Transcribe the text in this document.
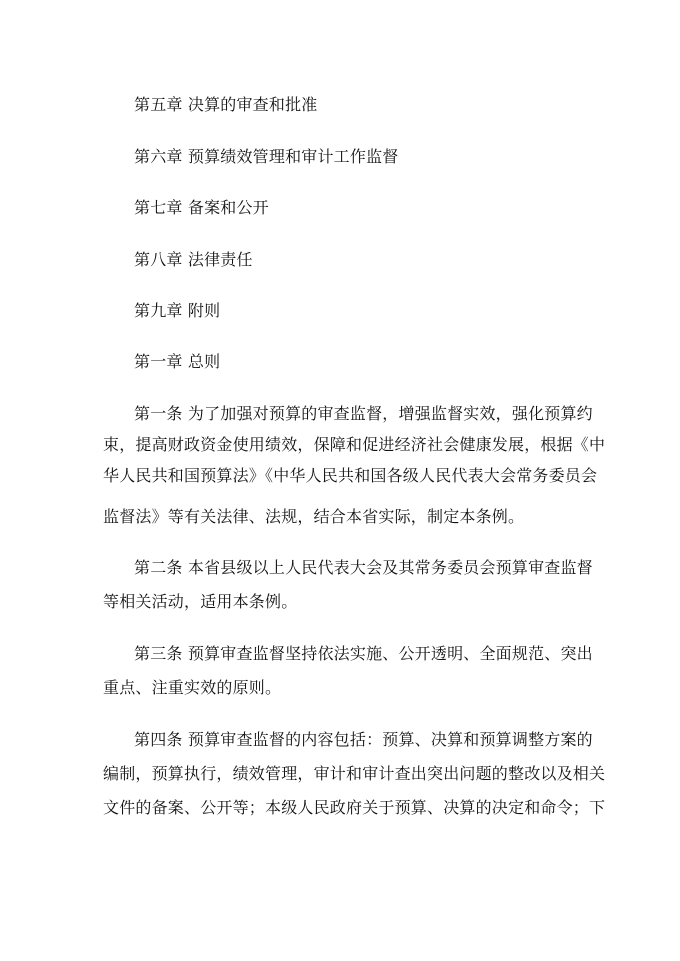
第五章 决算的审查和批准
第六章 预算绩效管理和审计工作监督
第七章 备案和公开
第八章 法律责任
第九章 附则
第一章 总则
第一条 为了加强对预算的审查监督，增强监督实效，强化预算约
束，提高财政资金使用绩效，保障和促进经济社会健康发展，根据《中
华人民共和国预算法》《中华人民共和国各级人民代表大会常务委员会
监督法》等有关法律、法规，结合本省实际，制定本条例。
第二条 本省县级以上人民代表大会及其常务委员会预算审查监督
等相关活动，适用本条例。
第三条 预算审查监督坚持依法实施、公开透明、全面规范、突出
重点、注重实效的原则。
第四条 预算审查监督的内容包括：预算、决算和预算调整方案的
编制，预算执行，绩效管理，审计和审计查出突出问题的整改以及相关
文件的备案、公开等；本级人民政府关于预算、决算的决定和命令；下
